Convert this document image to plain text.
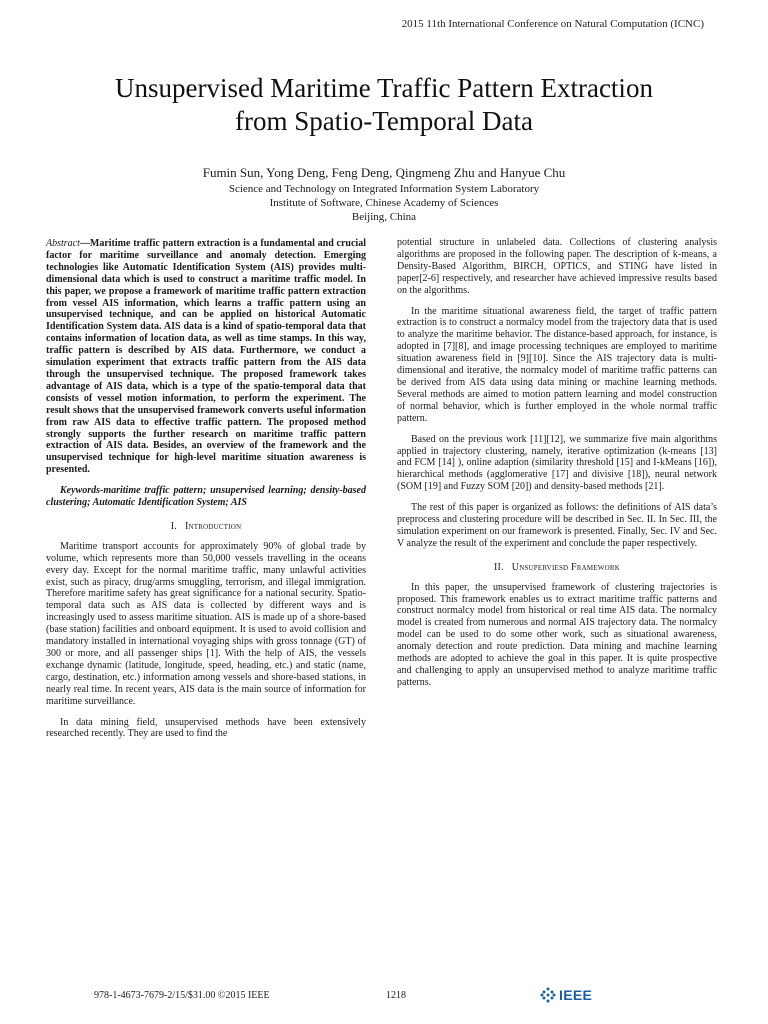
2015 11th International Conference on Natural Computation (ICNC)
Unsupervised Maritime Traffic Pattern Extraction
from Spatio-Temporal Data
Fumin Sun, Yong Deng, Feng Deng, Qingmeng Zhu and Hanyue Chu
Science and Technology on Integrated Information System Laboratory
Institute of Software, Chinese Academy of Sciences
Beijing, China

Abstract—Maritime traffic pattern extraction is a fundamental and crucial factor for maritime surveillance and anomaly detection. Emerging technologies like Automatic Identification System (AIS) provides multi-dimensional data which is used to construct a maritime traffic model. In this paper, we propose a framework of maritime traffic pattern extraction from vessel AIS information, which learns a traffic pattern using an unsupervised technique, and can be applied on historical Automatic Identification System data. AIS data is a kind of spatio-temporal data that contains information of location data, as well as time stamps. In this way, traffic pattern is described by AIS data. Furthermore, we conduct a simulation experiment that extracts traffic pattern from the AIS data through the unsupervised technique. The proposed framework takes advantage of AIS data, which is a type of the spatio-temporal data that consists of vessel motion information, to perform the experiment. The result shows that the unsupervised framework converts useful information from raw AIS data to effective traffic pattern. The proposed method strongly supports the further research on maritime traffic pattern extraction of AIS data. Besides, an overview of the framework and the unsupervised technique for high-level maritime situation awareness is presented.

Keywords-maritime traffic pattern; unsupervised learning; density-based clustering; Automatic Identification System; AIS

I. Introduction

Maritime transport accounts for approximately 90% of global trade by volume, which represents more than 50,000 vessels travelling in the oceans every day. Except for the normal maritime traffic, many unlawful activities exist, such as piracy, drug/arms smuggling, terrorism, and illegal immigration. Therefore maritime safety has great significance for a national security. Spatio-temporal data such as AIS data is collected by different ways and is increasingly used to assess maritime situation. AIS is made up of a shore-based (base station) facilities and onboard equipment. It is used to avoid collision and mandatory installed in international voyaging ships with gross tonnage (GT) of 300 or more, and all passenger ships [1]. With the help of AIS, the vessels exchange dynamic (latitude, longitude, speed, heading, etc.) and static (name, cargo, destination, etc.) information among vessels and shore-based stations, in nearly real time. In recent years, AIS data is the main source of information for maritime surveillance.

In data mining field, unsupervised methods have been extensively researched recently. They are used to find the

potential structure in unlabeled data. Collections of clustering analysis algorithms are proposed in the following paper. The description of k-means, a Density-Based Algorithm, BIRCH, OPTICS, and STING have listed in paper[2-6] respectively, and researcher have achieved impressive results based on the algorithms.

In the maritime situational awareness field, the target of traffic pattern extraction is to construct a normalcy model from the trajectory data that is used to analyze the maritime behavior. The distance-based approach, for instance, is adopted in [7][8], and image processing techniques are employed to maritime situation awareness field in [9][10]. Since the AIS trajectory data is multi-dimensional and iterative, the normalcy model of maritime traffic patterns can be derived from AIS data using data mining or machine learning methods. Several methods are aimed to motion pattern learning and model construction of normal behavior, which is further employed in the whole normal traffic pattern.

Based on the previous work [11][12], we summarize five main algorithms applied in trajectory clustering, namely, iterative optimization (k-means [13] and FCM [14] ), online adaption (similarity threshold [15] and I-kMeans [16]), hierarchical methods (agglomerative [17] and divisive [18]), neural network (SOM [19] and Fuzzy SOM [20]) and density-based methods [21].

The rest of this paper is organized as follows: the definitions of AIS data’s preprocess and clustering procedure will be described in Sec. II. In Sec. III, the simulation experiment on our framework is presented. Finally, Sec. IV and Sec. V analyze the result of the experiment and conclude the paper respectively.

II. Unsuperviesd Framework

In this paper, the unsupervised framework of clustering trajectories is proposed. This framework enables us to extract maritime traffic patterns and construct normalcy model from historical or real time AIS data. The normalcy model is created from numerous and normal AIS trajectory data. The normalcy model can be used to do some other work, such as situational awareness, anomaly detection and route prediction. Data mining and machine learning methods are adopted to achieve the goal in this paper. It is quite prospective and challenging to apply an unsupervised method to analyze maritime traffic patterns.

978-1-4673-7679-2/15/$31.00 ©2015 IEEE	1218	IEEE
